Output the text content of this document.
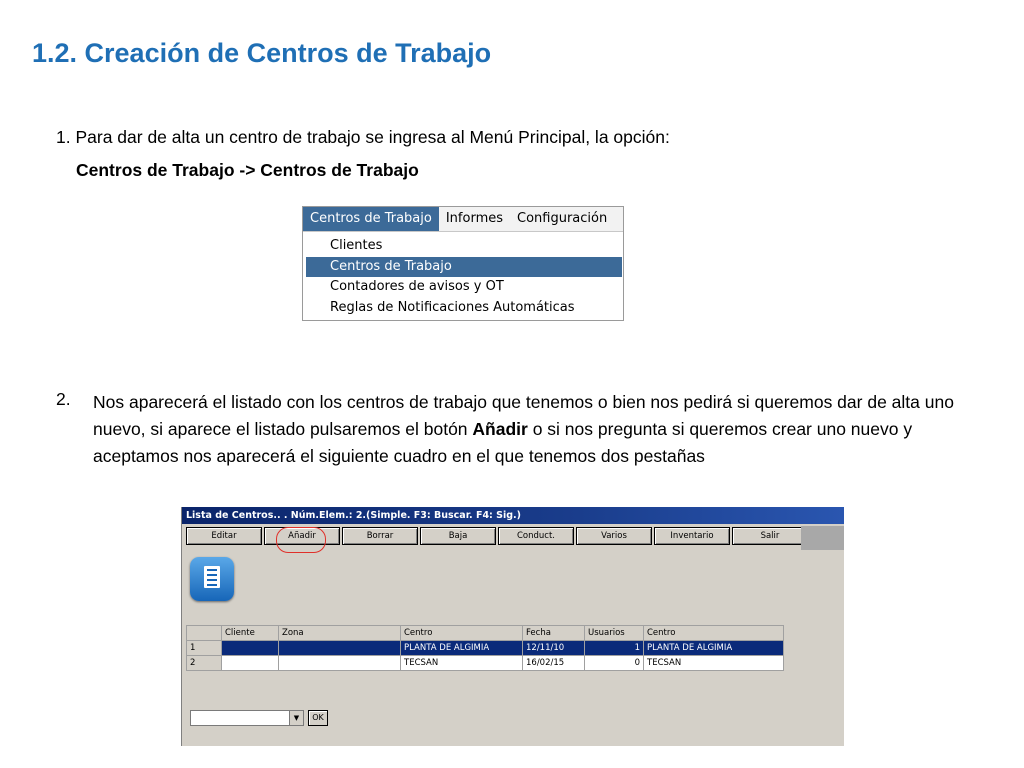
1.2. Creación de Centros de Trabajo
1. Para dar de alta un centro de trabajo se ingresa al Menú Principal, la opción:
Centros de Trabajo -> Centros de Trabajo
Centros de Trabajo	Informes	Configuración
Clientes
Centros de Trabajo
Contadores de avisos y OT
Reglas de Notificaciones Automáticas
2. Nos aparecerá el listado con los centros de trabajo que tenemos o bien nos pedirá si queremos dar de alta uno nuevo, si aparece el listado pulsaremos el botón Añadir o si nos pregunta si queremos crear uno nuevo y aceptamos nos aparecerá el siguiente cuadro en el que tenemos dos pestañas
Lista de Centros.. . Núm.Elem.: 2.(Simple. F3: Buscar. F4: Sig.)
Editar	Añadir	Borrar	Baja	Conduct.	Varios	Inventario	Salir
	Cliente	Zona	Centro	Fecha	Usuarios	Centro
1			PLANTA DE ALGIMIA	12/11/10	1	PLANTA DE ALGIMIA
2			TECSAN	16/02/15	0	TECSAN
▼	OK
